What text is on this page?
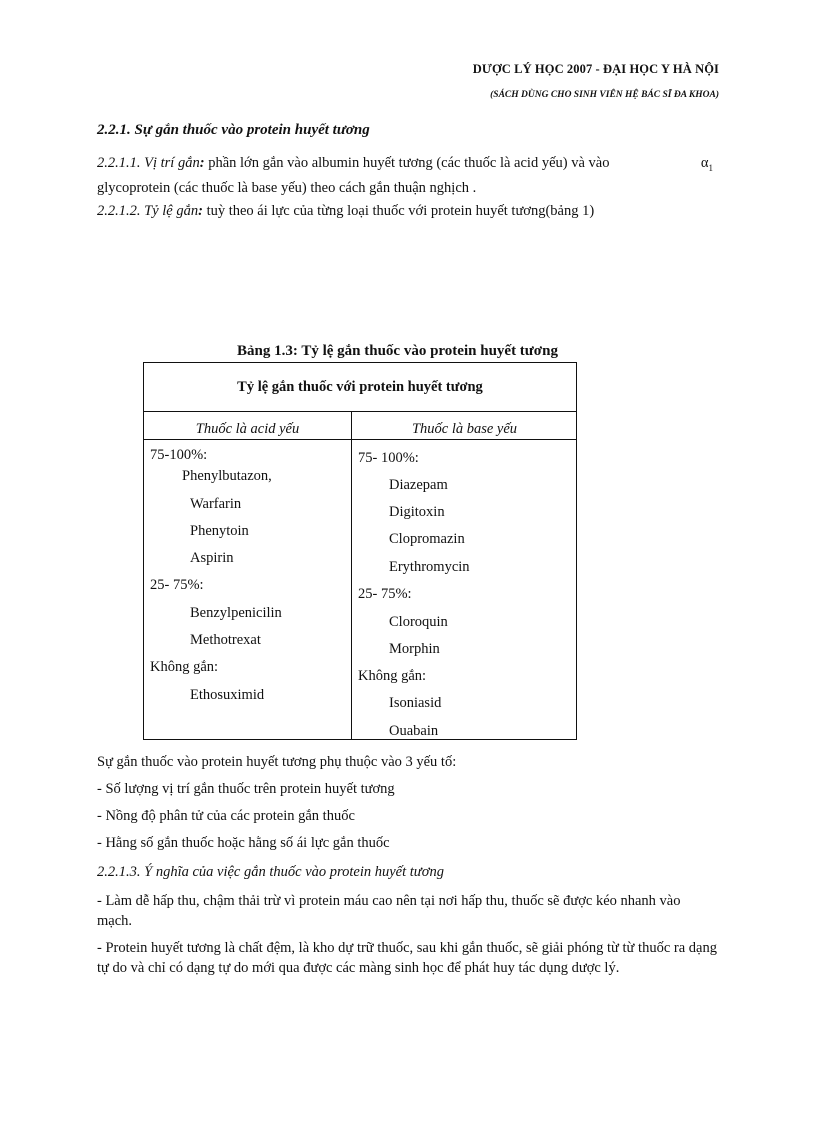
DƯỢC LÝ HỌC 2007 - ĐẠI HỌC Y HÀ NỘI
(SÁCH DÙNG CHO SINH VIÊN HỆ BÁC SĨ ĐA KHOA)
2.2.1. Sự gắn thuốc vào protein huyết tương
2.2.1.1. Vị trí gắn: phần lớn gắn vào albumin huyết tương (các thuốc là acid yếu) và vào	$\alpha_1$
glycoprotein (các thuốc là base yếu) theo cách gắn thuận nghịch .
2.2.1.2. Tỷ lệ gắn: tuỳ theo ái lực của từng loại thuốc với protein huyết tương(bảng 1)
Bảng 1.3: Tỷ lệ gắn thuốc vào protein huyết tương
Tỷ lệ gắn thuốc với protein huyết tương
Thuốc là acid yếu	Thuốc là base yếu
75-100%:
Phenylbutazon,
Warfarin
Phenytoin
Aspirin
25- 75%:
Benzylpenicilin
Methotrexat
Không gắn:
Ethosuximid
75- 100%:
Diazepam
Digitoxin
Clopromazin
Erythromycin
25- 75%:
Cloroquin
Morphin
Không gắn:
Isoniasid
Ouabain
Sự gắn thuốc vào protein huyết tương phụ thuộc vào 3 yếu tố:
- Số lượng vị trí gắn thuốc trên protein huyết tương
- Nồng độ phân tử của các protein gắn thuốc
- Hằng số gắn thuốc hoặc hằng số ái lực gắn thuốc
2.2.1.3. Ý nghĩa của việc gắn thuốc vào protein huyết tương
- Làm dễ hấp thu, chậm thải trừ vì protein máu cao nên tại nơi hấp thu, thuốc sẽ được kéo nhanh vào mạch.
- Protein huyết tương là chất đệm, là kho dự trữ thuốc, sau khi gắn thuốc, sẽ giải phóng từ từ thuốc ra dạng tự do và chỉ có dạng tự do mới qua được các màng sinh học để phát huy tác dụng dược lý.
